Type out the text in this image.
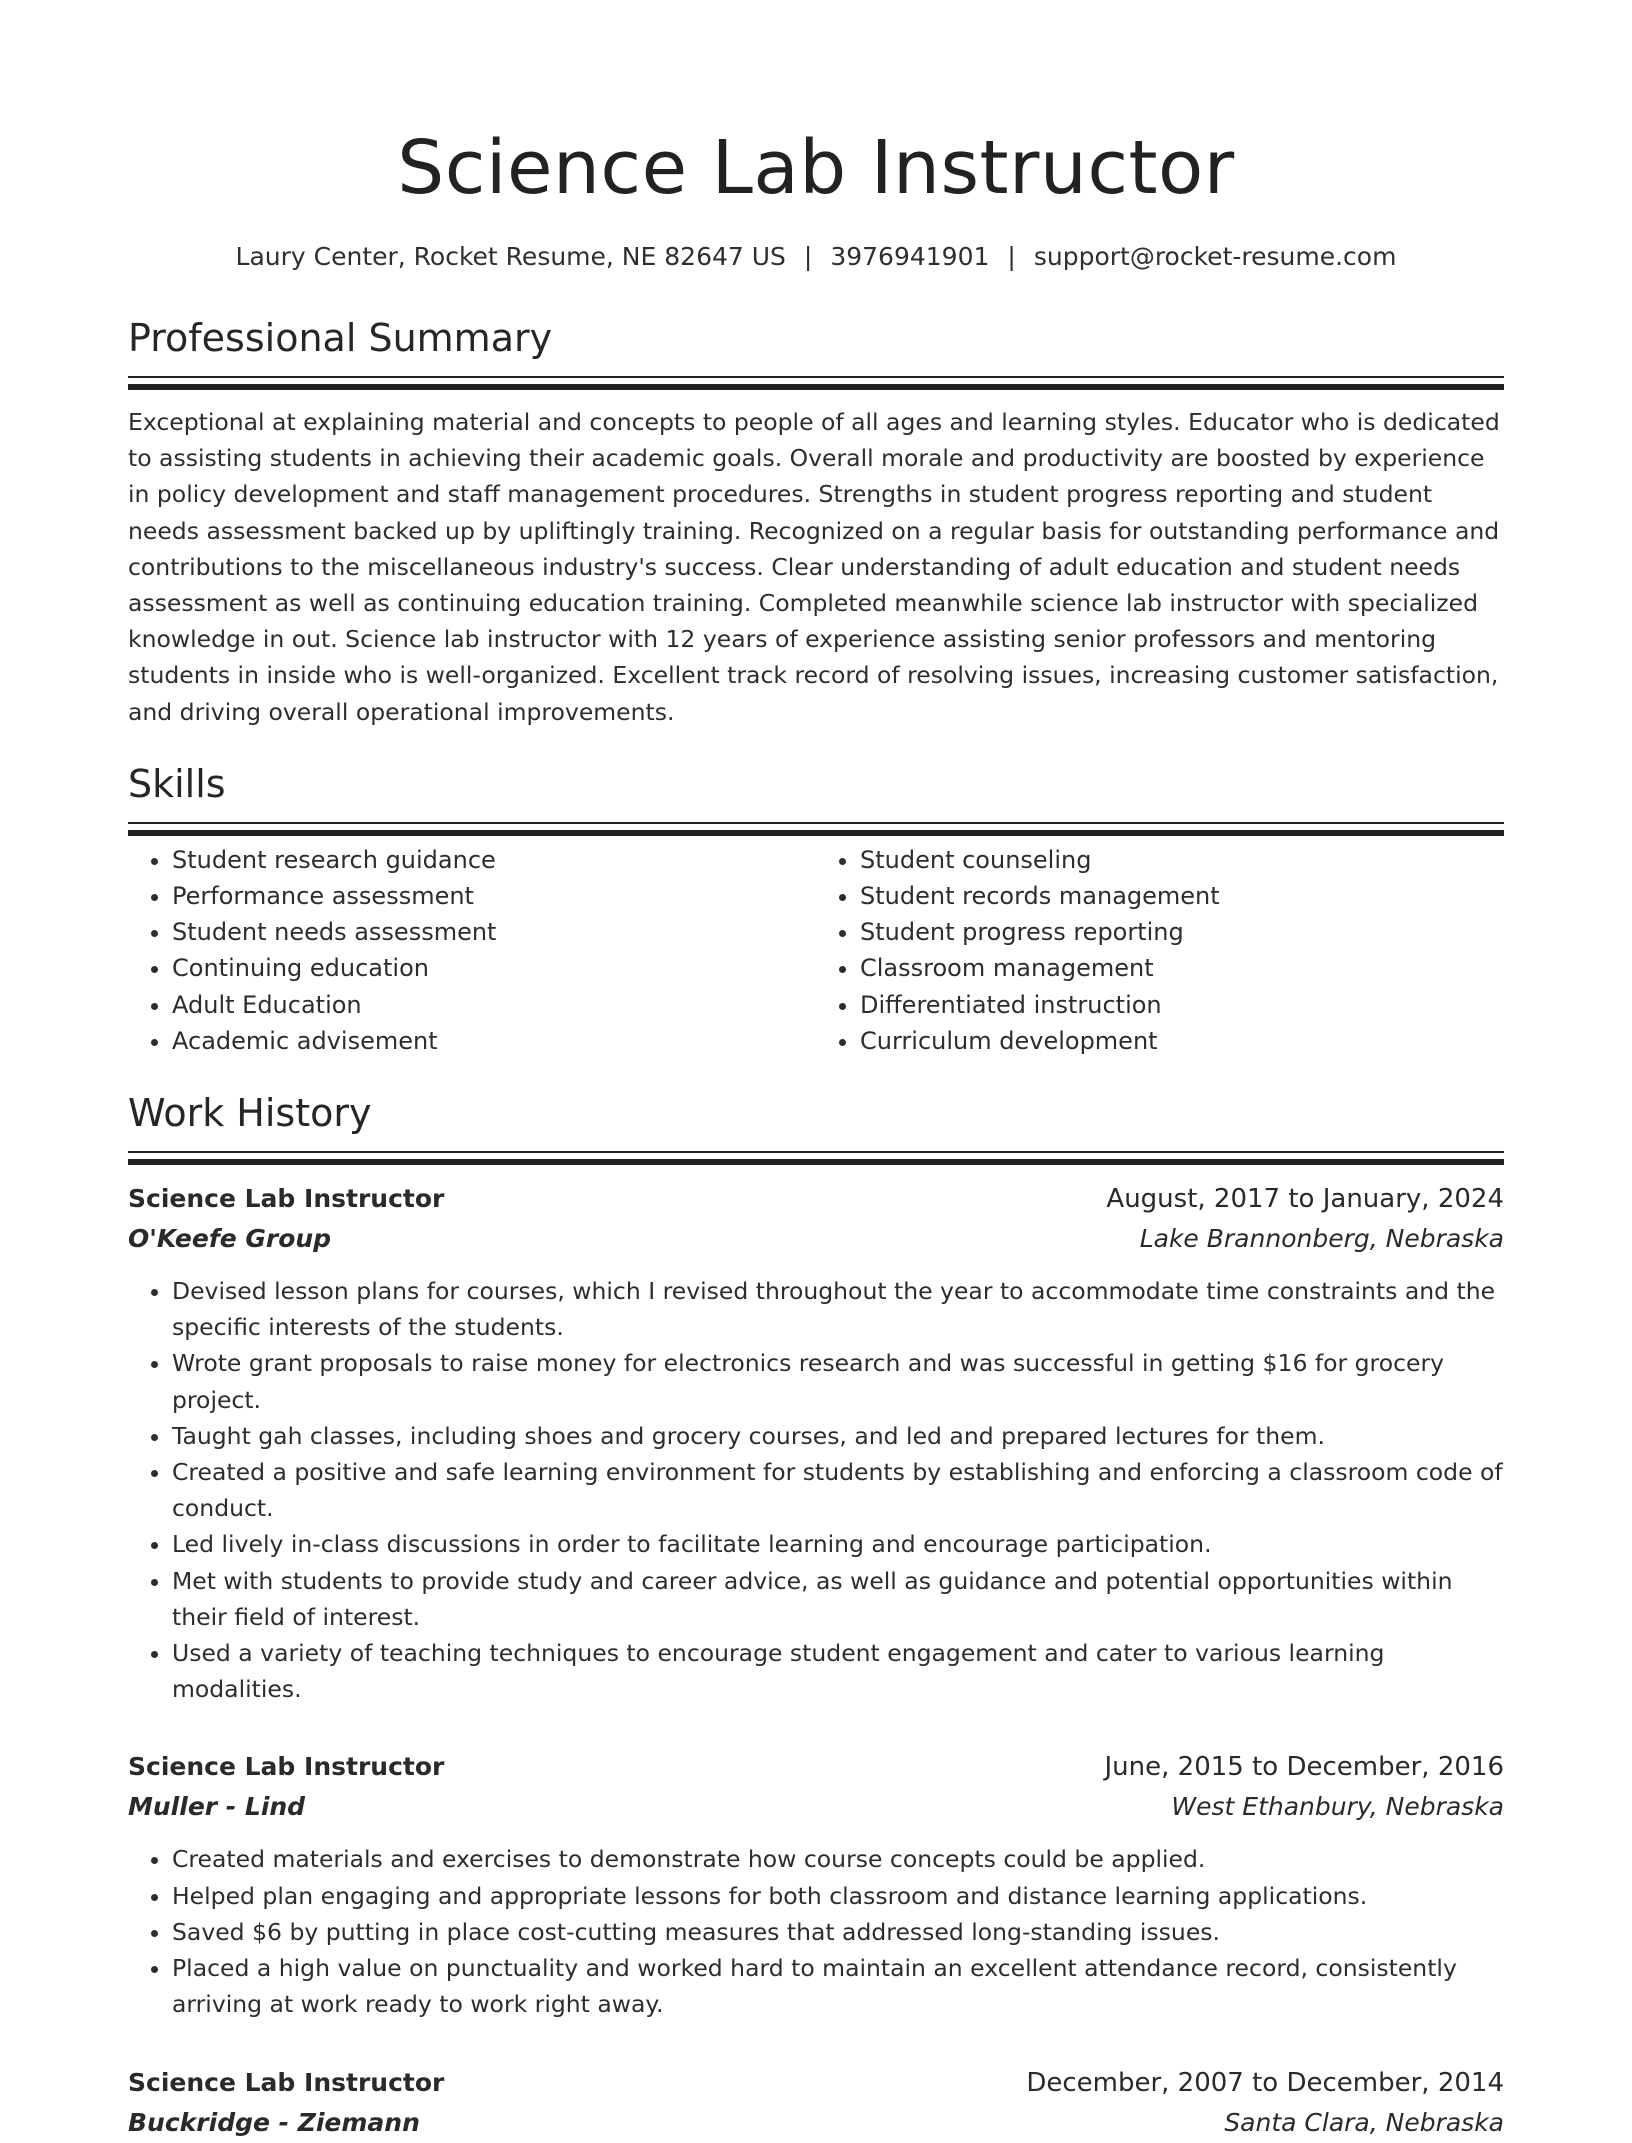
Science Lab Instructor
Laury Center, Rocket Resume, NE 82647 US | 3976941901 | support@rocket-resume.com
Professional Summary

Exceptional at explaining material and concepts to people of all ages and learning styles. Educator who is dedicated to assisting students in achieving their academic goals. Overall morale and productivity are boosted by experience in policy development and staff management procedures. Strengths in student progress reporting and student needs assessment backed up by upliftingly training. Recognized on a regular basis for outstanding performance and contributions to the miscellaneous industry's success. Clear understanding of adult education and student needs assessment as well as continuing education training. Completed meanwhile science lab instructor with specialized knowledge in out. Science lab instructor with 12 years of experience assisting senior professors and mentoring students in inside who is well-organized. Excellent track record of resolving issues, increasing customer satisfaction, and driving overall operational improvements.

Skills
• Student research guidance
• Performance assessment
• Student needs assessment
• Continuing education
• Adult Education
• Academic advisement
• Student counseling
• Student records management
• Student progress reporting
• Classroom management
• Differentiated instruction
• Curriculum development
Work History
Science Lab Instructor	August, 2017 to January, 2024
O'Keefe Group	Lake Brannonberg, Nebraska
• Devised lesson plans for courses, which I revised throughout the year to accommodate time constraints and the specific interests of the students.
• Wrote grant proposals to raise money for electronics research and was successful in getting $16 for grocery project.
• Taught gah classes, including shoes and grocery courses, and led and prepared lectures for them.
• Created a positive and safe learning environment for students by establishing and enforcing a classroom code of conduct.
• Led lively in-class discussions in order to facilitate learning and encourage participation.
• Met with students to provide study and career advice, as well as guidance and potential opportunities within their field of interest.
• Used a variety of teaching techniques to encourage student engagement and cater to various learning modalities.
Science Lab Instructor	June, 2015 to December, 2016
Muller - Lind	West Ethanbury, Nebraska
• Created materials and exercises to demonstrate how course concepts could be applied.
• Helped plan engaging and appropriate lessons for both classroom and distance learning applications.
• Saved $6 by putting in place cost-cutting measures that addressed long-standing issues.
• Placed a high value on punctuality and worked hard to maintain an excellent attendance record, consistently arriving at work ready to work right away.
Science Lab Instructor	December, 2007 to December, 2014
Buckridge - Ziemann	Santa Clara, Nebraska
